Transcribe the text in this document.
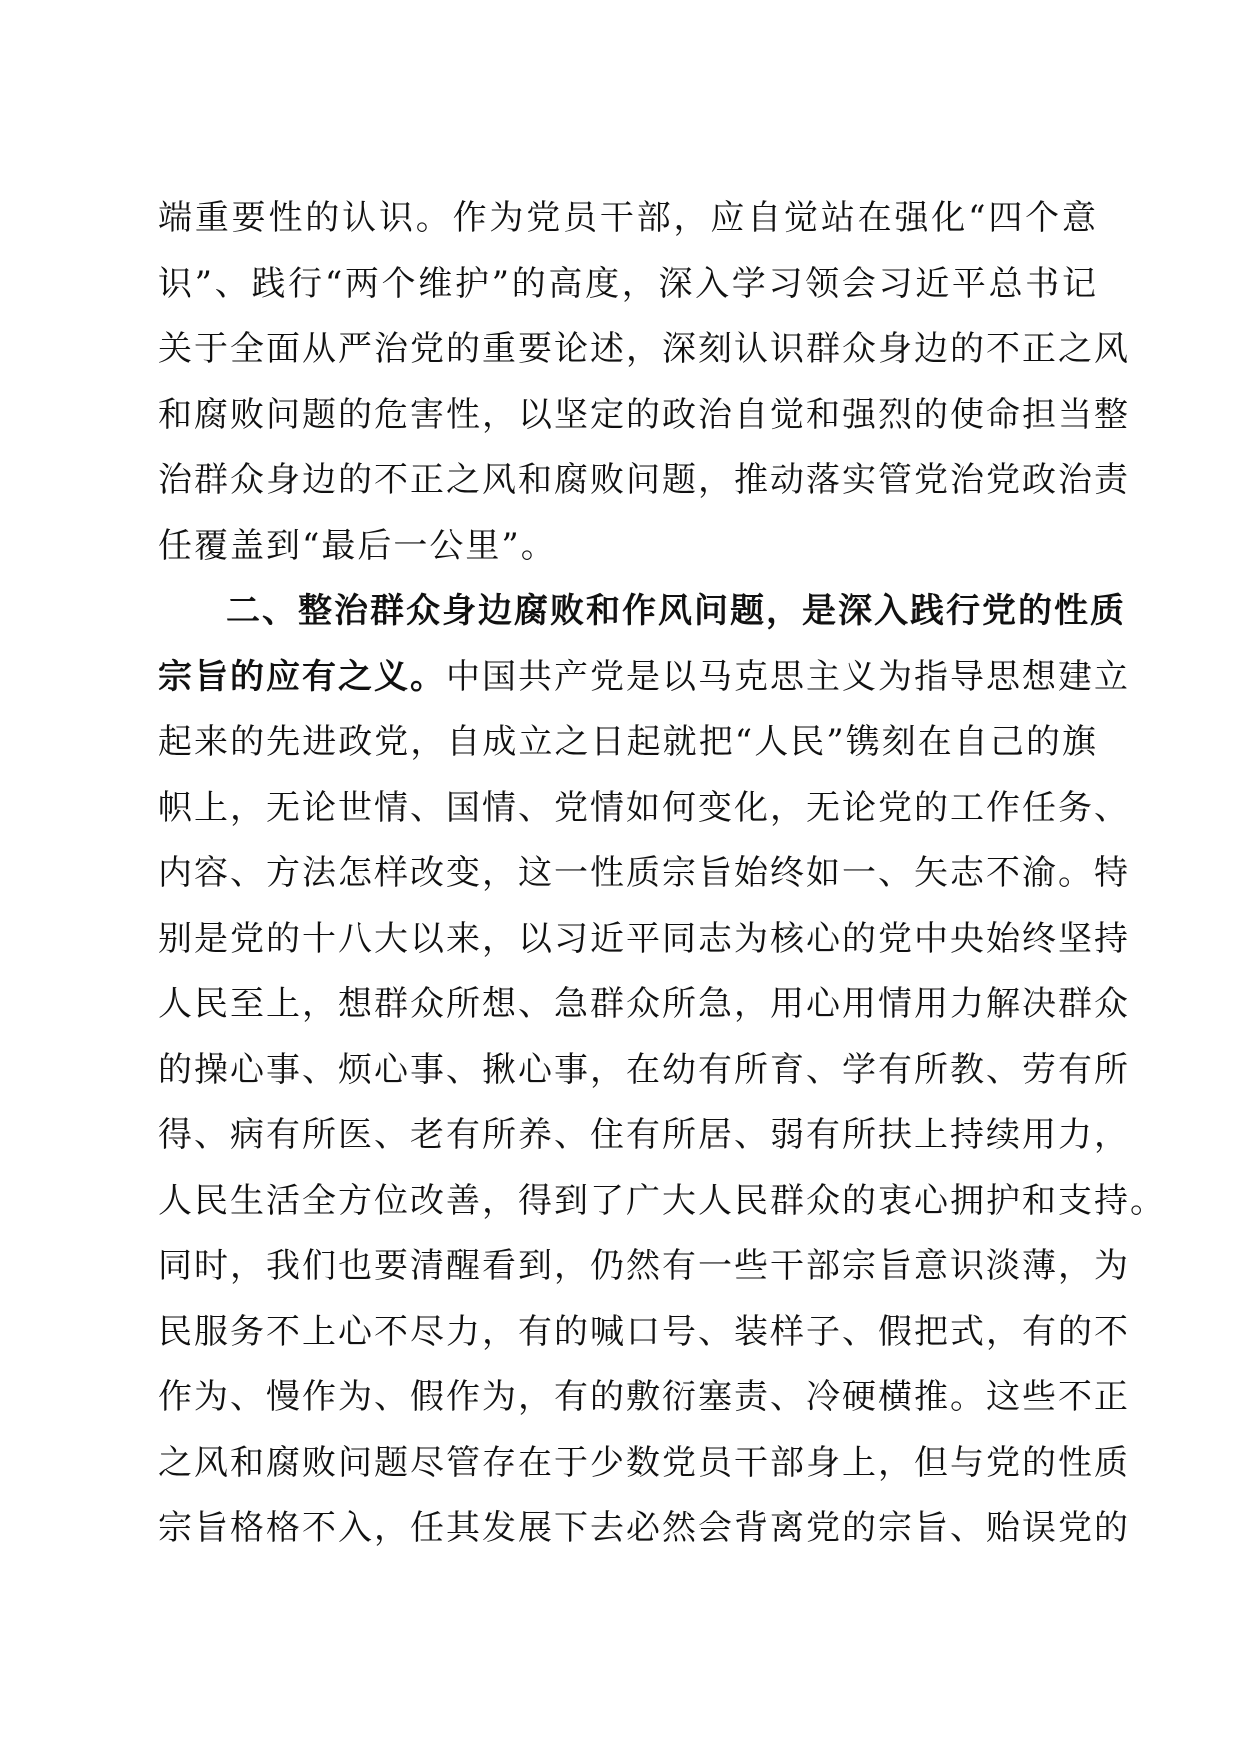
端重要性的认识。作为党员干部，应自觉站在强化“四个意
识”、践行“两个维护”的高度，深入学习领会习近平总书记
关于全面从严治党的重要论述，深刻认识群众身边的不正之风
和腐败问题的危害性，以坚定的政治自觉和强烈的使命担当整
治群众身边的不正之风和腐败问题，推动落实管党治党政治责
任覆盖到“最后一公里”。
二、整治群众身边腐败和作风问题，是深入践行党的性质
宗旨的应有之义。中国共产党是以马克思主义为指导思想建立
起来的先进政党，自成立之日起就把“人民”镌刻在自己的旗
帜上，无论世情、国情、党情如何变化，无论党的工作任务、
内容、方法怎样改变，这一性质宗旨始终如一、矢志不渝。特
别是党的十八大以来，以习近平同志为核心的党中央始终坚持
人民至上，想群众所想、急群众所急，用心用情用力解决群众
的操心事、烦心事、揪心事，在幼有所育、学有所教、劳有所
得、病有所医、老有所养、住有所居、弱有所扶上持续用力，
人民生活全方位改善，得到了广大人民群众的衷心拥护和支持。
同时，我们也要清醒看到，仍然有一些干部宗旨意识淡薄，为
民服务不上心不尽力，有的喊口号、装样子、假把式，有的不
作为、慢作为、假作为，有的敷衍塞责、冷硬横推。这些不正
之风和腐败问题尽管存在于少数党员干部身上，但与党的性质
宗旨格格不入，任其发展下去必然会背离党的宗旨、贻误党的
